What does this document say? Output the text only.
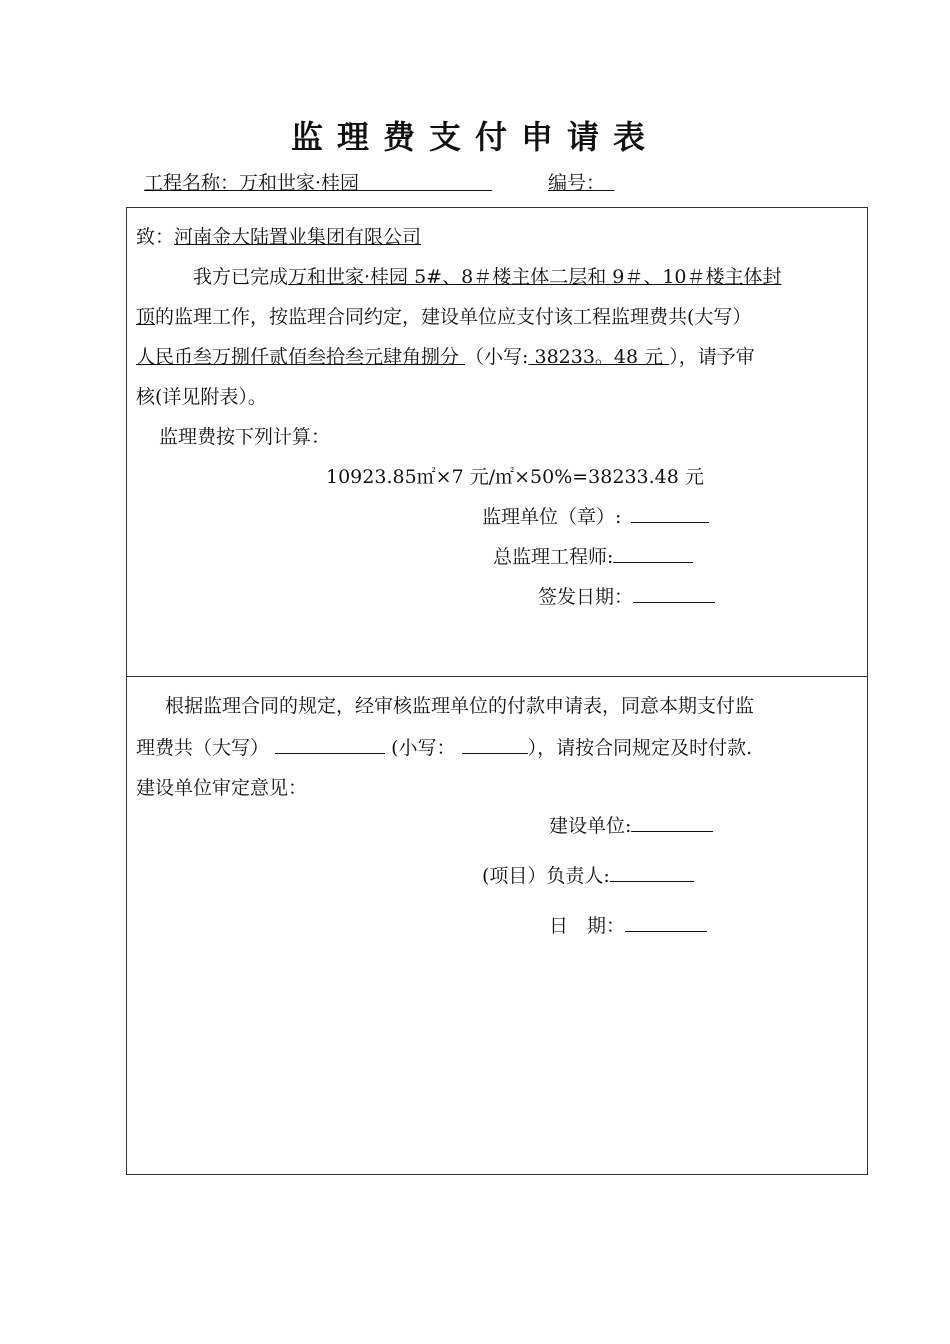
监理费支付申请表
工程名称：万和世家·桂园       	编号： 
致：河南金大陆置业集团有限公司
我方已完成万和世家·桂园 5#、8＃楼主体二层和 9＃、10＃楼主体封
顶的监理工作，按监理合同约定，建设单位应支付该工程监理费共(大写）
人民币叁万捌仟贰佰叁拾叁元肆角捌分 （小写: 38233。48 元 ），请予审
核(详见附表）。
监理费按下列计算：
10923.85㎡×7 元/㎡×50%=38233.48 元
监理单位（章）: 
总监理工程师:
签发日期：
根据监理合同的规定，经审核监理单位的付款申请表，同意本期支付监
理费共（大写）	(小写：	），请按合同规定及时付款.
建设单位审定意见：
建设单位:
(项目）负责人:
日　期：
